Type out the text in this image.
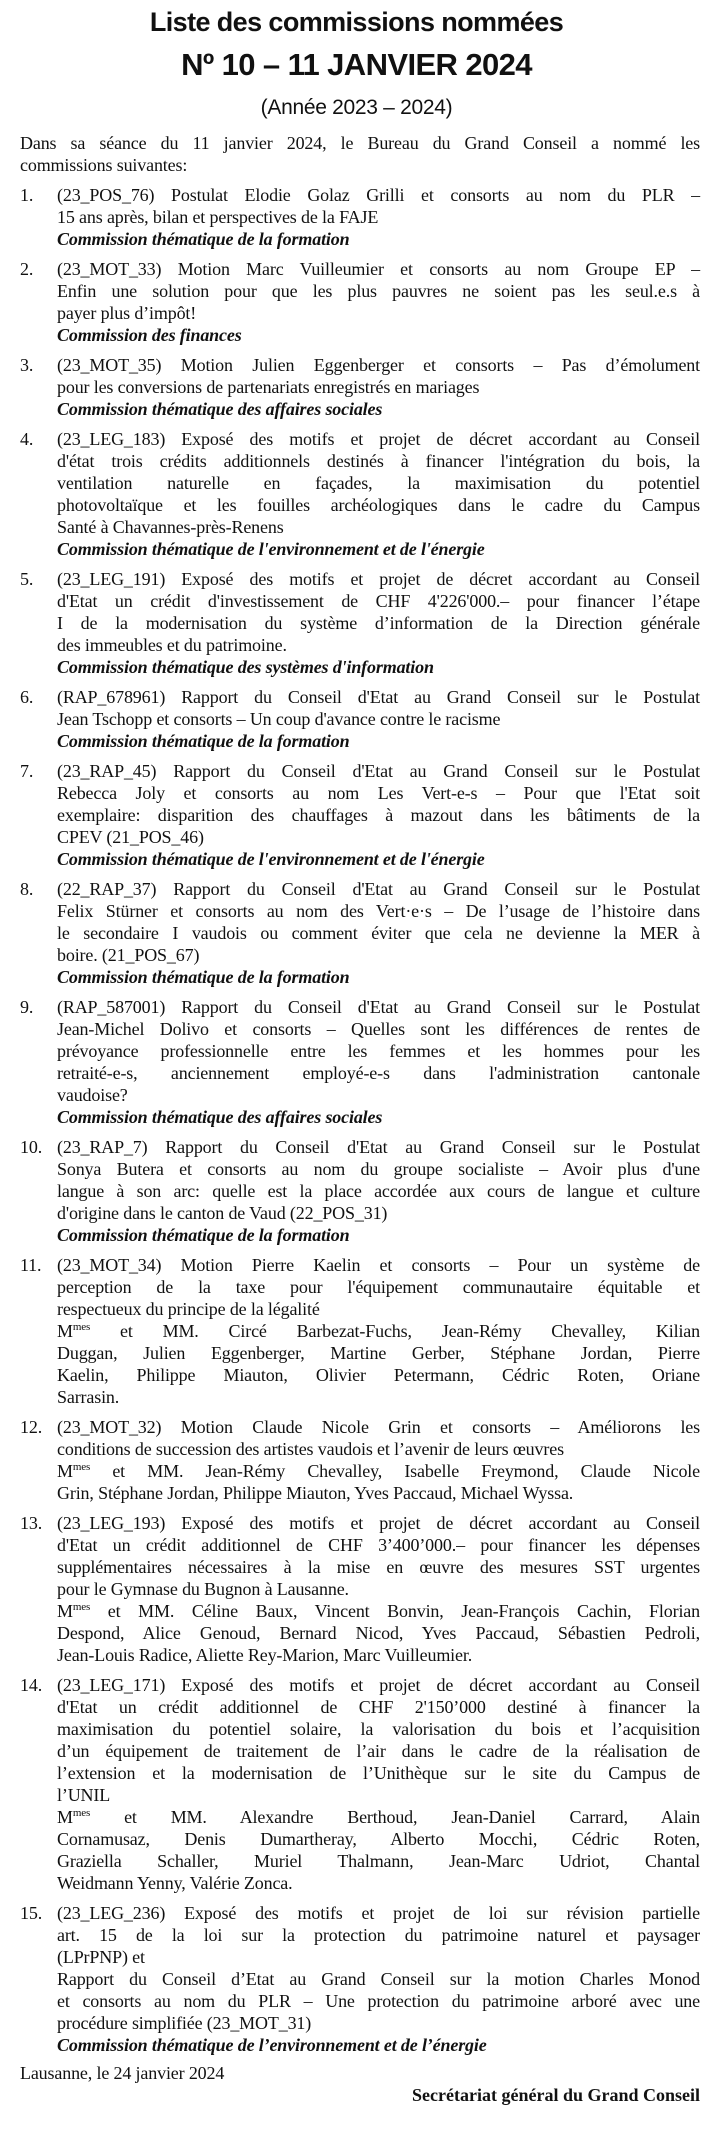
Liste des commissions nommées
Nº 10 – 11 JANVIER 2024
(Année 2023 – 2024)
Dans sa séance du 11 janvier 2024, le Bureau du Grand Conseil a nommé les
commissions suivantes:
1.	(23_POS_76) Postulat Elodie Golaz Grilli et consorts au nom du PLR –
15 ans après, bilan et perspectives de la FAJE
Commission thématique de la formation
2.	(23_MOT_33) Motion Marc Vuilleumier et consorts au nom Groupe EP –
Enfin une solution pour que les plus pauvres ne soient pas les seul.e.s à
payer plus d’impôt!
Commission des finances
3.	(23_MOT_35) Motion Julien Eggenberger et consorts – Pas d’émolument
pour les conversions de partenariats enregistrés en mariages
Commission thématique des affaires sociales
4.	(23_LEG_183) Exposé des motifs et projet de décret accordant au Conseil
d'état trois crédits additionnels destinés à financer l'intégration du bois, la
ventilation naturelle en façades, la maximisation du potentiel
photovoltaïque et les fouilles archéologiques dans le cadre du Campus
Santé à Chavannes-près-Renens
Commission thématique de l'environnement et de l'énergie
5.	(23_LEG_191) Exposé des motifs et projet de décret accordant au Conseil
d'Etat un crédit d'investissement de CHF 4'226'000.– pour financer l’étape
I de la modernisation du système d’information de la Direction générale
des immeubles et du patrimoine.
Commission thématique des systèmes d'information
6.	(RAP_678961) Rapport du Conseil d'Etat au Grand Conseil sur le Postulat
Jean Tschopp et consorts – Un coup d'avance contre le racisme
Commission thématique de la formation
7.	(23_RAP_45) Rapport du Conseil d'Etat au Grand Conseil sur le Postulat
Rebecca Joly et consorts au nom Les Vert-e-s – Pour que l'Etat soit
exemplaire: disparition des chauffages à mazout dans les bâtiments de la
CPEV (21_POS_46)
Commission thématique de l'environnement et de l'énergie
8.	(22_RAP_37) Rapport du Conseil d'Etat au Grand Conseil sur le Postulat
Felix Stürner et consorts au nom des Vert·e·s – De l’usage de l’histoire dans
le secondaire I vaudois ou comment éviter que cela ne devienne la MER à
boire. (21_POS_67)
Commission thématique de la formation
9.	(RAP_587001) Rapport du Conseil d'Etat au Grand Conseil sur le Postulat
Jean-Michel Dolivo et consorts – Quelles sont les différences de rentes de
prévoyance professionnelle entre les femmes et les hommes pour les
retraité-e-s, anciennement employé-e-s dans l'administration cantonale
vaudoise?
Commission thématique des affaires sociales
10. (23_RAP_7) Rapport du Conseil d'Etat au Grand Conseil sur le Postulat
Sonya Butera et consorts au nom du groupe socialiste – Avoir plus d'une
langue à son arc: quelle est la place accordée aux cours de langue et culture
d'origine dans le canton de Vaud (22_POS_31)
Commission thématique de la formation
11. (23_MOT_34) Motion Pierre Kaelin et consorts – Pour un système de
perception de la taxe pour l'équipement communautaire équitable et
respectueux du principe de la légalité
$M^{mes}$ et MM. Circé Barbezat-Fuchs, Jean-Rémy Chevalley, Kilian
Duggan, Julien Eggenberger, Martine Gerber, Stéphane Jordan, Pierre
Kaelin, Philippe Miauton, Olivier Petermann, Cédric Roten, Oriane
Sarrasin.
12. (23_MOT_32) Motion Claude Nicole Grin et consorts – Améliorons les
conditions de succession des artistes vaudois et l’avenir de leurs œuvres
$M^{mes}$ et MM. Jean-Rémy Chevalley, Isabelle Freymond, Claude Nicole
Grin, Stéphane Jordan, Philippe Miauton, Yves Paccaud, Michael Wyssa.
13. (23_LEG_193) Exposé des motifs et projet de décret accordant au Conseil
d'Etat un crédit additionnel de CHF 3’400’000.– pour financer les dépenses
supplémentaires nécessaires à la mise en œuvre des mesures SST urgentes
pour le Gymnase du Bugnon à Lausanne.
$M^{mes}$ et MM. Céline Baux, Vincent Bonvin, Jean-François Cachin, Florian
Despond, Alice Genoud, Bernard Nicod, Yves Paccaud, Sébastien Pedroli,
Jean-Louis Radice, Aliette Rey-Marion, Marc Vuilleumier.
14. (23_LEG_171) Exposé des motifs et projet de décret accordant au Conseil
d'Etat un crédit additionnel de CHF 2'150’000 destiné à financer la
maximisation du potentiel solaire, la valorisation du bois et l’acquisition
d’un équipement de traitement de l’air dans le cadre de la réalisation de
l’extension et la modernisation de l’Unithèque sur le site du Campus de
l’UNIL
$M^{mes}$ et MM. Alexandre Berthoud, Jean-Daniel Carrard, Alain
Cornamusaz, Denis Dumartheray, Alberto Mocchi, Cédric Roten,
Graziella Schaller, Muriel Thalmann, Jean-Marc Udriot, Chantal
Weidmann Yenny, Valérie Zonca.
15. (23_LEG_236) Exposé des motifs et projet de loi sur révision partielle
art. 15 de la loi sur la protection du patrimoine naturel et paysager
(LPrPNP) et
Rapport du Conseil d’Etat au Grand Conseil sur la motion Charles Monod
et consorts au nom du PLR – Une protection du patrimoine arboré avec une
procédure simplifiée (23_MOT_31)
Commission thématique de l’environnement et de l’énergie
Lausanne, le 24 janvier 2024
Secrétariat général du Grand Conseil
